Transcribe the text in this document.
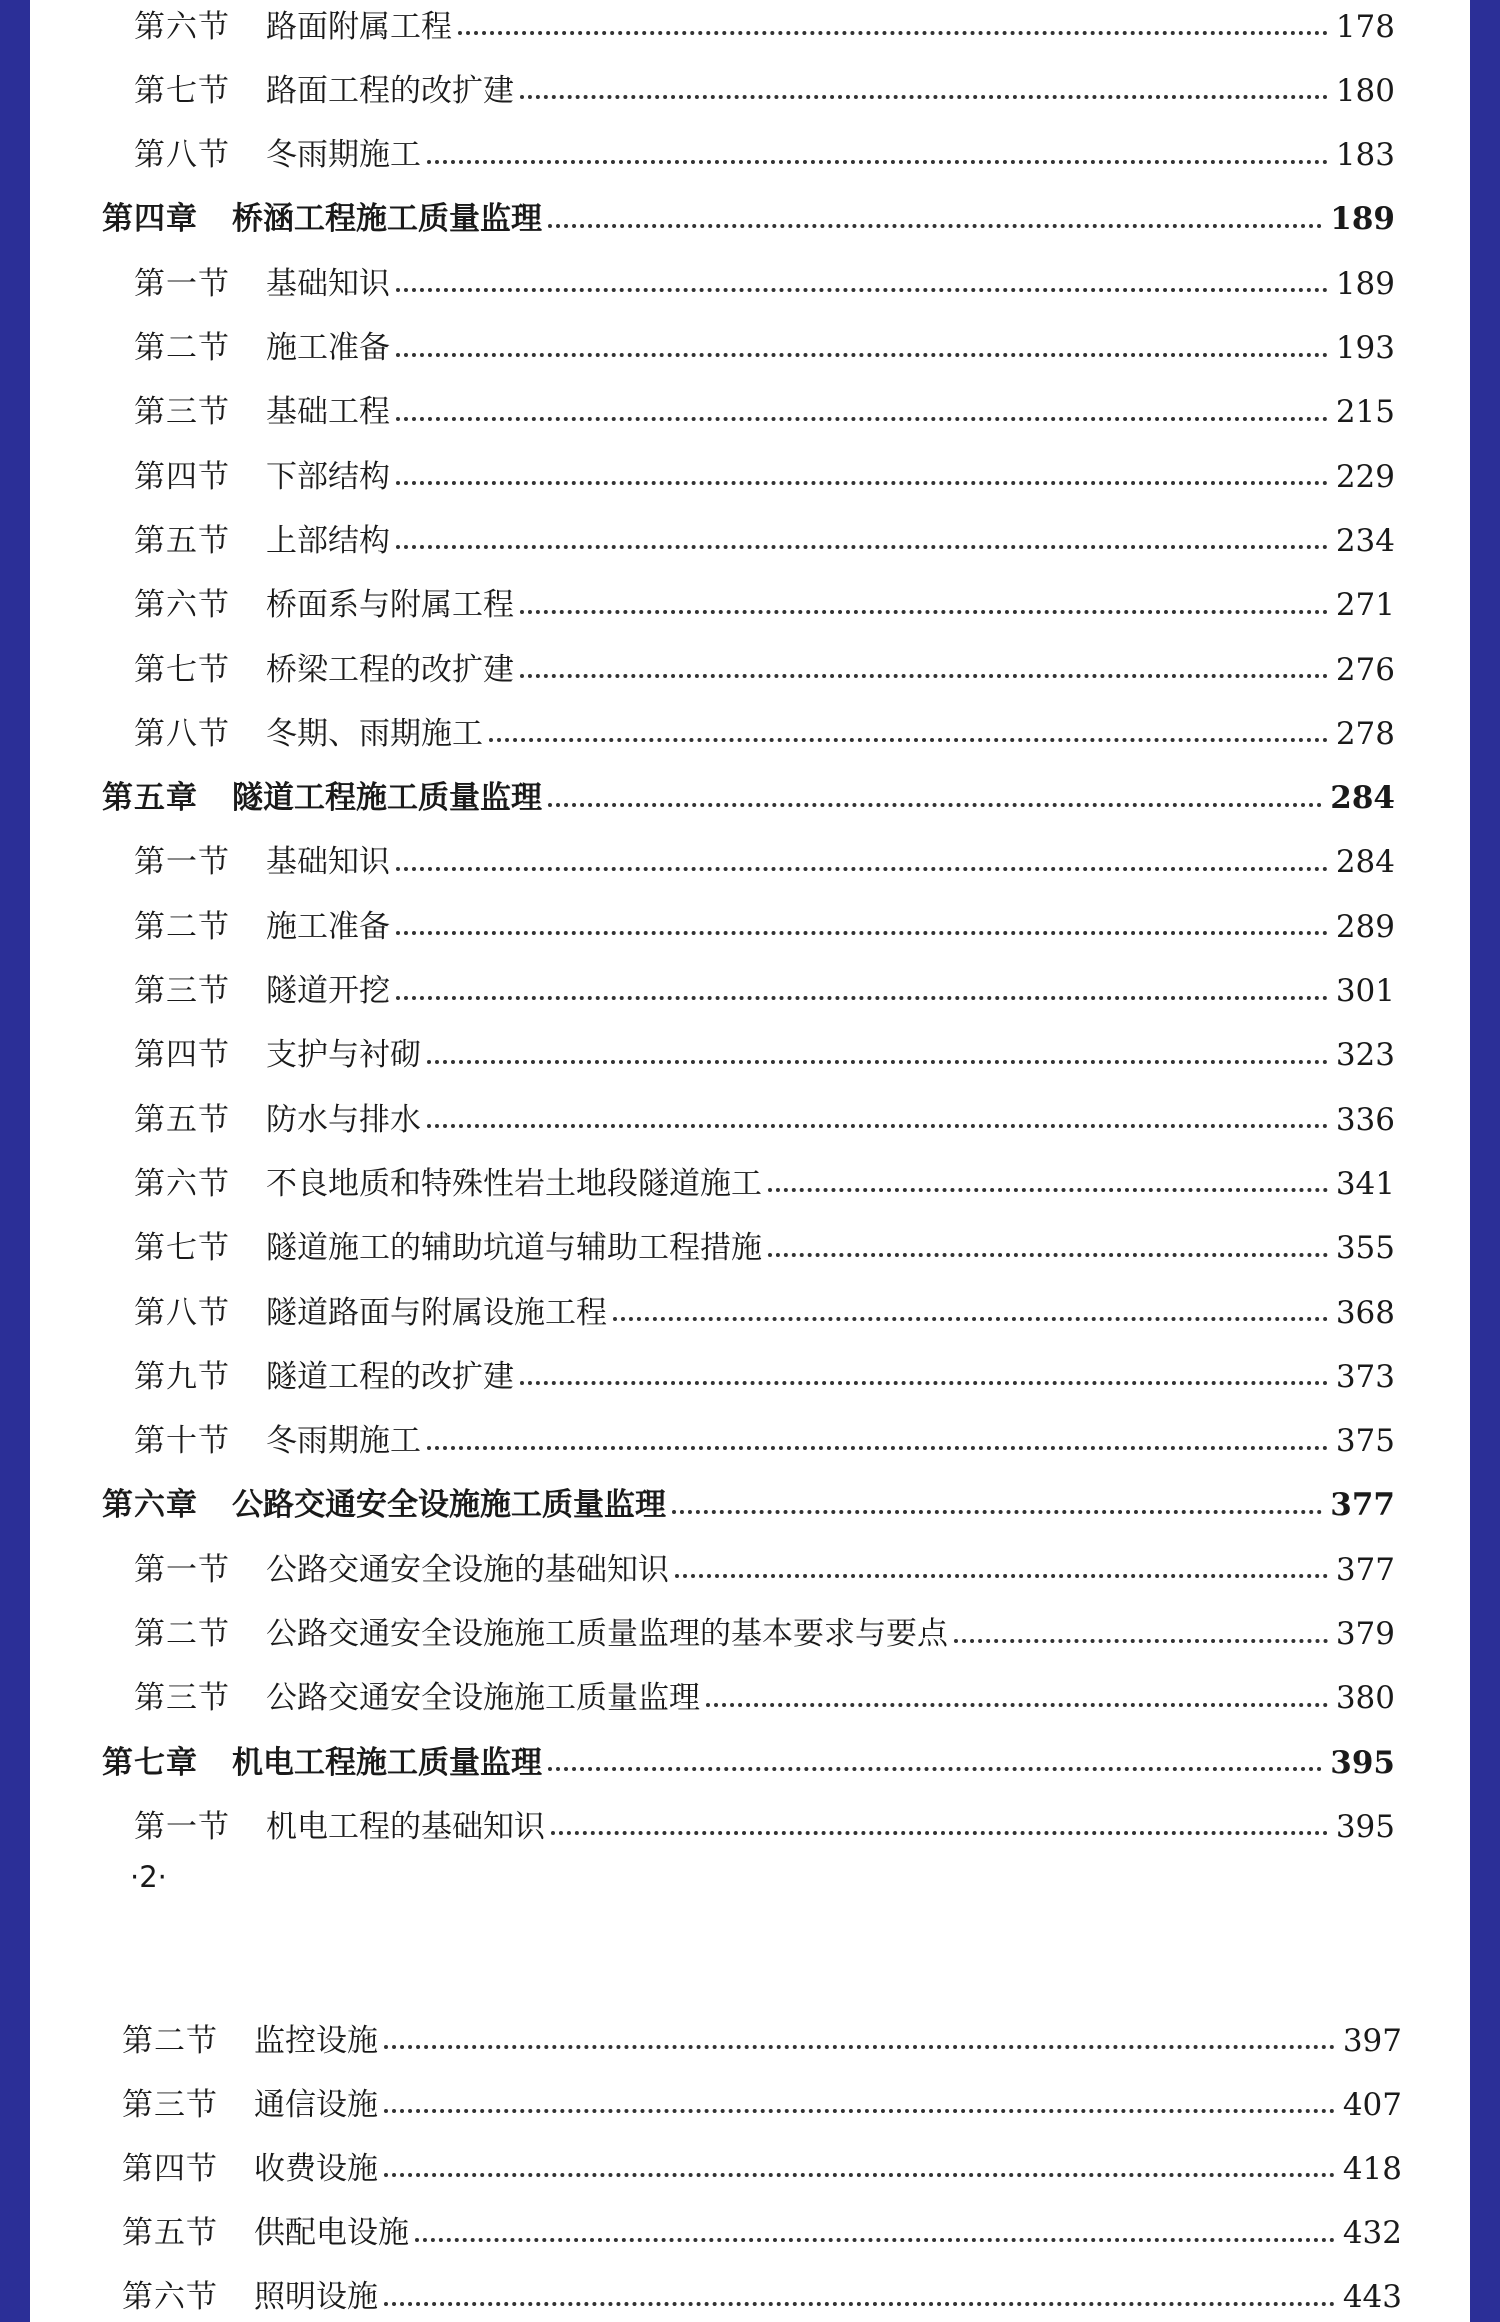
第六节	路面附属工程	178
第七节	路面工程的改扩建	180
第八节	冬雨期施工	183
第四章	桥涵工程施工质量监理	189
第一节	基础知识	189
第二节	施工准备	193
第三节	基础工程	215
第四节	下部结构	229
第五节	上部结构	234
第六节	桥面系与附属工程	271
第七节	桥梁工程的改扩建	276
第八节	冬期、雨期施工	278
第五章	隧道工程施工质量监理	284
第一节	基础知识	284
第二节	施工准备	289
第三节	隧道开挖	301
第四节	支护与衬砌	323
第五节	防水与排水	336
第六节	不良地质和特殊性岩土地段隧道施工	341
第七节	隧道施工的辅助坑道与辅助工程措施	355
第八节	隧道路面与附属设施工程	368
第九节	隧道工程的改扩建	373
第十节	冬雨期施工	375
第六章	公路交通安全设施施工质量监理	377
第一节	公路交通安全设施的基础知识	377
第二节	公路交通安全设施施工质量监理的基本要求与要点	379
第三节	公路交通安全设施施工质量监理	380
第七章	机电工程施工质量监理	395
第一节	机电工程的基础知识	395
·2·
第二节	监控设施	397
第三节	通信设施	407
第四节	收费设施	418
第五节	供配电设施	432
第六节	照明设施	443
